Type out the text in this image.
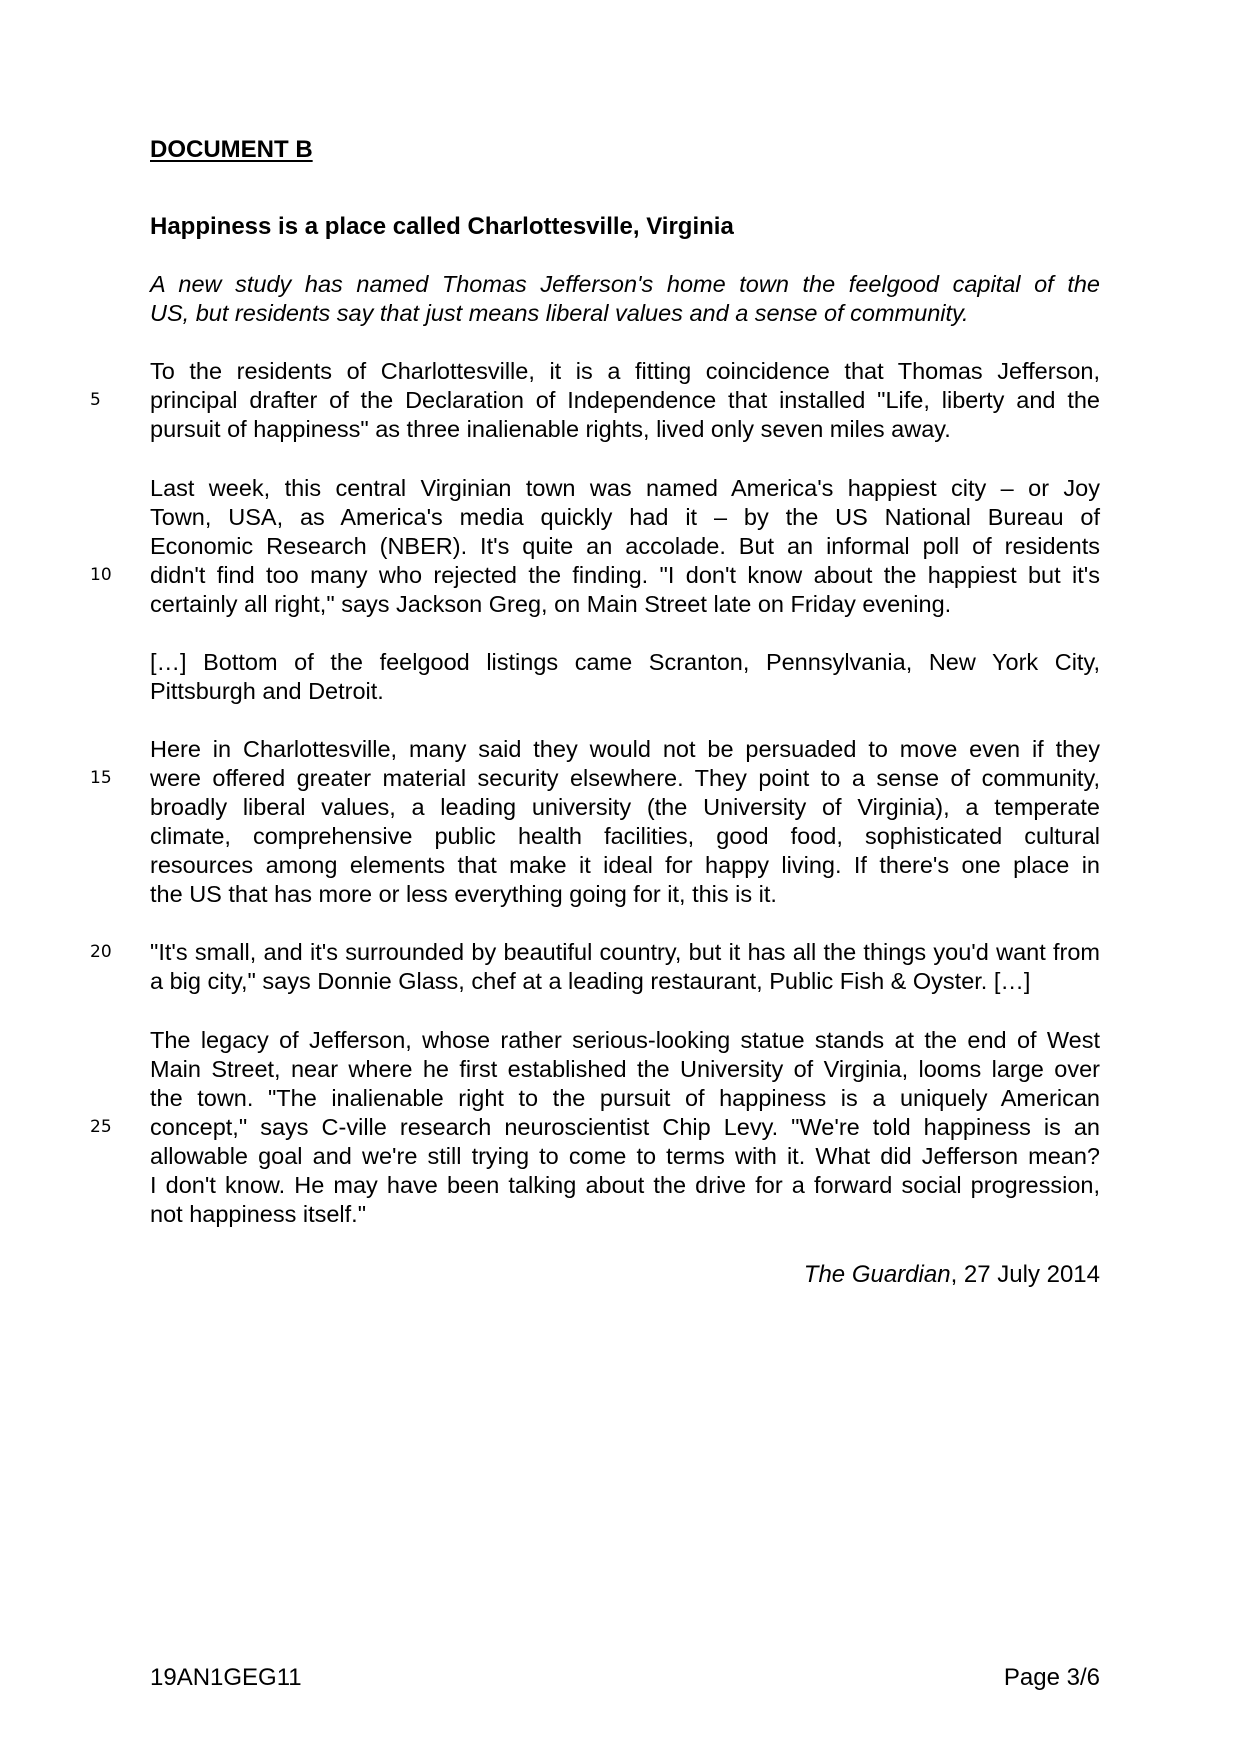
DOCUMENT B
Happiness is a place called Charlottesville, Virginia
A new study has named Thomas Jefferson's home town the feelgood capital of the
US, but residents say that just means liberal values and a sense of community.
To the residents of Charlottesville, it is a fitting coincidence that Thomas Jefferson,
principal drafter of the Declaration of Independence that installed "Life, liberty and the
pursuit of happiness" as three inalienable rights, lived only seven miles away.
5
Last week, this central Virginian town was named America's happiest city – or Joy
Town, USA, as America's media quickly had it – by the US National Bureau of
Economic Research (NBER). It's quite an accolade. But an informal poll of residents
didn't find too many who rejected the finding. "I don't know about the happiest but it's
certainly all right," says Jackson Greg, on Main Street late on Friday evening.
10
[…] Bottom of the feelgood listings came Scranton, Pennsylvania, New York City,
Pittsburgh and Detroit.
Here in Charlottesville, many said they would not be persuaded to move even if they
were offered greater material security elsewhere. They point to a sense of community,
broadly liberal values, a leading university (the University of Virginia), a temperate
climate, comprehensive public health facilities, good food, sophisticated cultural
resources among elements that make it ideal for happy living. If there's one place in
the US that has more or less everything going for it, this is it.
15
"It's small, and it's surrounded by beautiful country, but it has all the things you'd want from
a big city," says Donnie Glass, chef at a leading restaurant, Public Fish & Oyster. […]
20
The legacy of Jefferson, whose rather serious-looking statue stands at the end of West
Main Street, near where he first established the University of Virginia, looms large over
the town. "The inalienable right to the pursuit of happiness is a uniquely American
concept," says C-ville research neuroscientist Chip Levy. "We're told happiness is an
allowable goal and we're still trying to come to terms with it. What did Jefferson mean?
I don't know. He may have been talking about the drive for a forward social progression,
not happiness itself."
25
The Guardian, 27 July 2014
19AN1GEG11	Page 3/6
